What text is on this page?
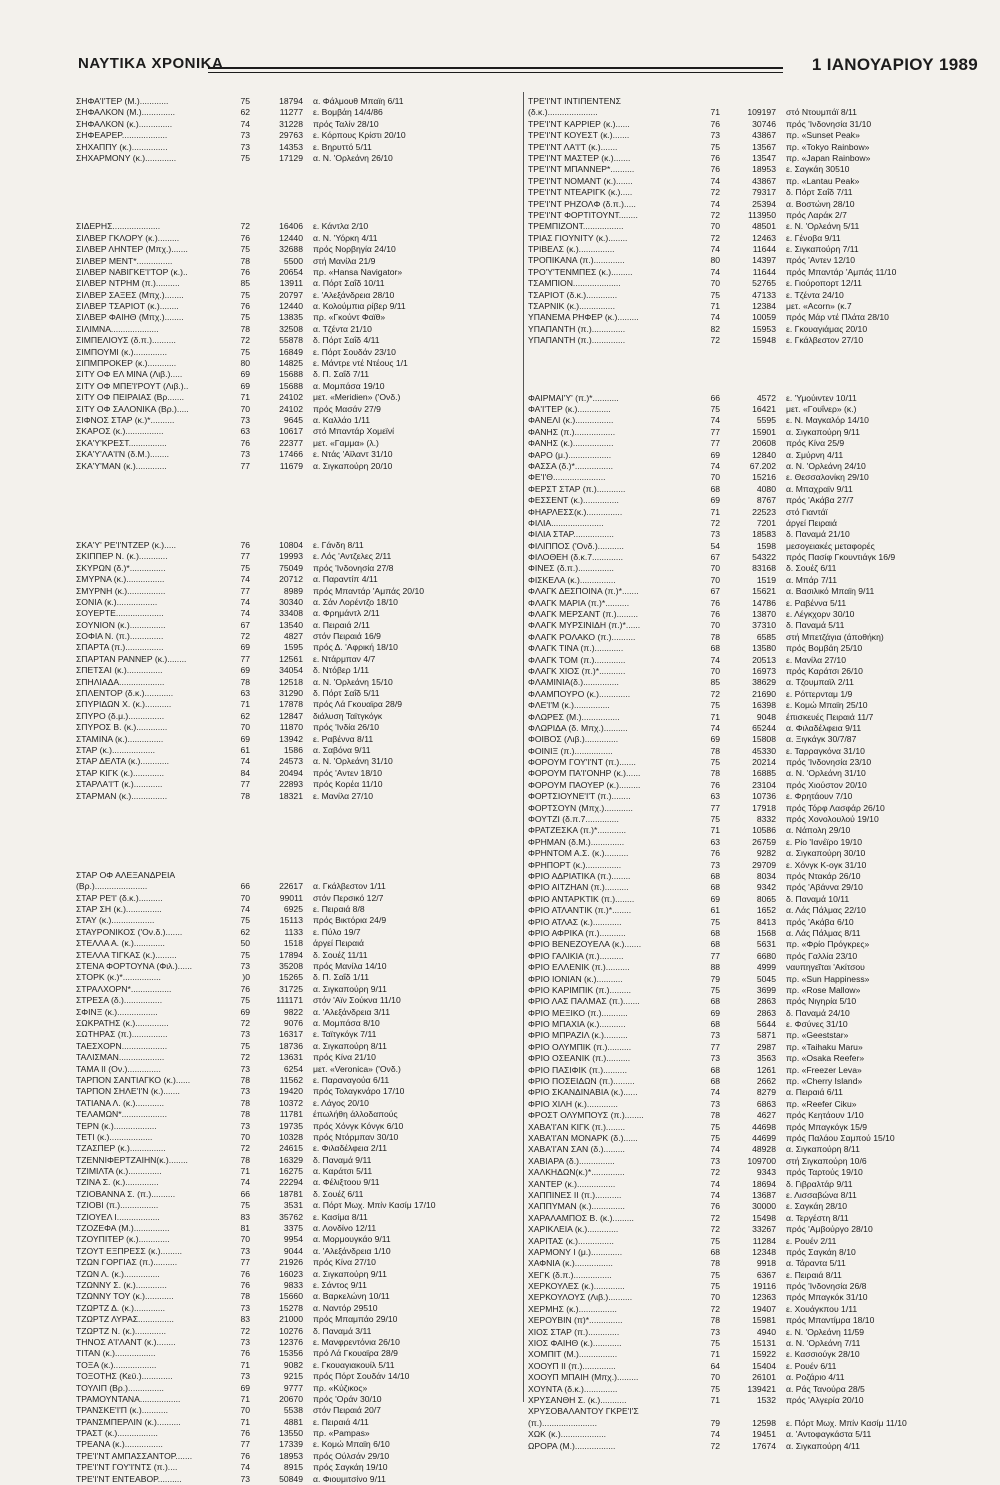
ΝΑΥΤΙΚΑ ΧΡΟΝΙΚΑ	1 ΙΑΝΟΥΑΡΙΟΥ 1989
ΣΗΦΑ'Ι'ΤΕΡ (Μ.)............	75	18794 α. Φάλμουθ Μπαϊη 6/11
ΣΗΦΑΛΚΟΝ (Μ.)..............	62	11277 ε. Βομβάη 14/4/86
ΣΗΦΑΛΚΟΝ (κ.)..............	74	31228 πρός Ταλίν 28/10
ΣΗΦΕΑΡΕΡ...................	73	29763 ε. Κόρπους Κρίστι 20/10
ΣΗΧΑΠΠΥ (κ.)...............	73	14353 ε. Βηρυττό 5/11
ΣΗΧΑΡΜΟΝΥ (κ.).............	75	17129 α. Ν. 'Ορλεάνη 26/10
ΣΙΔΕΡΗΣ....................	72	16406 ε. Κάντλα 2/10
ΣΙΛΒΕΡ ΓΚΛΟΡΥ (κ.).........	76	12440 α. Ν. 'Υόρκη 4/11
ΣΙΛΒΕΡ ΛΗΝΤΕΡ (Μπχ.).......	75	32688 πρός Νορβηγία 24/10
ΣΙΛΒΕΡ ΜΕΝΤ*...............	78	5500 στή Μανίλα 21/9
ΣΙΛΒΕΡ ΝΑΒΙΓΚΕ'Ι'ΤΟΡ (κ.)..	76	20654 πρ. «Hansa Navigator»
ΣΙΛΒΕΡ ΝΤΡΗΜ (π.)..........	85	13911 α. Πόρτ Σαΐδ 10/11
ΣΙΛΒΕΡ ΣΑΞΕΣ (Μπχ.)........	75	20797 ε. 'Αλεξάνδρεια 28/10
ΣΙΛΒΕΡ ΤΣΑΡΙΟΤ (κ.)........	76	12440 α. Κολούμπια ρίβερ 9/11
ΣΙΛΒΕΡ ΦΑΙΗΘ (Μπχ.)........	75	13835 πρ. «Γκούντ Φαϊθ»
ΣΙΛΙΜΝΑ....................	78	32508 α. Τζέντα 21/10
ΣΙΜΠΕΛΙΟΥΣ (δ.π.)..........	72	55878 δ. Πόρτ Σαΐδ 4/11
ΣΙΜΠΟΥΜΙ (κ.)..............	75	16849 ε. Πόρτ Σουδάν 23/10
ΣΙΠΜΠΡΟΚΕΡ (κ.)............	80	14825 ε. Μάντρε ντέ Ντέους 1/1
ΣΙΤΥ ΟΦ ΕΛ ΜΙΝΑ (Λιβ.).....	69	15688 δ. Π. Σαΐδ 7/11
ΣΙΤΥ ΟΦ ΜΠΕ'Ι'ΡΟΥΤ (Λιβ.)..	69	15688 α. Μομπάσα 19/10
ΣΙΤΥ ΟΦ ΠΕΙΡΑΙΑΣ (Βρ.......	71	24102 μετ. «Meridien» ('Ονδ.)
ΣΙΤΥ ΟΦ ΣΑΛΟΝΙΚΑ (Βρ.).....	70	24102 πρός Μασάν 27/9
ΣΙΦΝΟΣ ΣΤΑΡ (κ.)*..........	73	9645 α. Καλλάο 1/11
ΣΚΑΡΟΣ (κ.)................	63	10617 στό Μπαντάρ Χομεϊνί
ΣΚΑ'Υ'ΚΡΕΣΤ................	76	22377 μετ. «Γαμμα» (λ.)
ΣΚΑ'Υ'ΛΑ'Ι'Ν (δ.Μ.)........	73	17466 ε. Ντάς 'Αϊλαντ 31/10
ΣΚΑ'Υ'ΜΑΝ (κ.).............	77	11679 α. Σιγκαπούρη 20/10
ΣΚΑ'Υ' ΡΕ'Ι'ΝΤΖΕΡ (κ.).....	76	10804 ε. Γάνδη 8/11
ΣΚΙΠΠΕΡ Ν. (κ.)............	77	19993 ε. Λός 'Αντζελες 2/11
ΣΚΥΡΩΝ (δ.)*...............	75	75049 πρός 'Ινδονησία 27/8
ΣΜΥΡΝΑ (κ.)................	74	20712 α. Παραντίπ 4/11
ΣΜΥΡΝΗ (κ.)................	77	8989 πρός Μπαντάρ 'Αμπάς 20/10
ΣΟΝΙΑ (κ.).................	74	30340 α. Σάν Λορέντζο 18/10
ΣΟΥΕΡΤΕ....................	74	33408 α. Φρημάντλ 2/11
ΣΟΥΝΙΟΝ (κ.)...............	67	13540 α. Πειραιά 2/11
ΣΟΦΙΑ Ν. (π.)..............	72	4827 στόν Πειραιά 16/9
ΣΠΑΡΤΑ (π.)................	69	1595 πρός Δ. 'Αφρική 18/10
ΣΠΑΡΤΑΝ ΡΑΝΝΕΡ (κ.)........	77	12561 ε. Ντάρμπαν 4/7
ΣΠΕΤΣΑΙ (κ.)...............	69	34054 δ. Ντόβερ 1/11
ΣΠΗΛΙΑΔΑ...................	78	12518 α. Ν. 'Ορλεάνη 15/10
ΣΠΛΕΝΤΟΡ (δ.κ.)............	63	31290 δ. Πόρτ Σαΐδ 5/11
ΣΠΥΡΙΔΩΝ Χ. (κ.)...........	71	17878 πρός Λά Γκουαϊρα 28/9
ΣΠΥΡΟ (δ.μ.)...............	62	12847 διάλυση Ταϊτγκόγκ
ΣΠΥΡΟΣ Β. (κ.).............	70	11870 πρός 'Ινδία 26/10
ΣΤΑΜΙΝΑ (κ.)...............	69	13942 ε. Ραβέννα 8/11
ΣΤΑΡ (κ.)..................	61	1586 α. Σαβόνα 9/11
ΣΤΑΡ ΔΕΛΤΑ (κ.)............	74	24573 α. Ν. 'Ορλεάνη 31/10
ΣΤΑΡ ΚΙΓΚ (κ.).............	84	20494 πρός 'Αντεν 18/10
ΣΤΑΡΛΑ'Ι'Τ (κ.)............	77	22893 πρός Κορέα 11/10
ΣΤΑΡΜΑΝ (κ.)...............	78	18321 ε. Μανίλα 27/10
ΣΤΑΡ ΟΦ ΑΛΕΞΑΝΔΡΕΙΑ
(Βρ.)......................	66	22617 α. Γκάλβεστον 1/11
ΣΤΑΡ ΡΕ'Ι' (δ.κ.)..........	70	99011 στόν Περσικό 12/7
ΣΤΑΡ ΣΗ (κ.)...............	74	6925 ε. Πειραιά 8/8
ΣΤΑΥ (κ.)..................	75	15113 πρός Βικτόρια 24/9
ΣΤΑΥΡΟΝΙΚΟΣ ('Ον.δ.).......	62	1133 ε. Πύλο 19/7
ΣΤΕΛΛΑ Α. (κ.).............	50	1518 άργεί Πειραιά
ΣΤΕΛΛΑ ΤΙΓΚΑΣ (κ.).........	75	17894 δ. Σουέζ 11/11
ΣΤΕΝΑ ΦΟΡΤΟΥΝΑ (Φιλ.)......	73	35208 πρός Μανίλα 14/10
ΣΤΟΡΚ (κ.)*................	)0	15265 δ. Π. Σαΐδ 1/11
ΣΤΡΑΛΧΟΡΝ*.................	76	31725 α. Σιγκαπούρη 9/11
ΣΤΡΕΣΑ (δ.)................	75	111171 στόν 'Αϊν Σούκνα 11/10
ΣΦΙΝΞ (κ.).................	69	9822 α. 'Αλεξάνδρεια 3/11
ΣΩΚΡΑΤΗΣ (κ.)..............	72	9076 α. Μομπάσα 8/10
ΣΩΤΗΡΑΣ (π.)...............	73	16317 ε. Ταϊτγκόγκ 7/11
ΤΑΕΣΧΟΡΝ...................	75	18736 α. Σιγκαπούρη 8/11
ΤΑΛΙΣΜΑΝ...................	72	13631 πρός Κίνα 21/10
ΤΑΜΑ ΙΙ (Ον.)..............	73	6254 μετ. «Veronica» ('Ονδ.)
ΤΑΡΠΟΝ ΣΑΝΤΙΑΓΚΟ (κ.)......	78	11562 ε. Παραναγούα 6/11
ΤΑΡΠΟΝ ΣΗΛΕ'Ι'Ν (κ.).......	73	19420 πρός Τολαγκνάρο 17/10
ΤΑΤΙΑΝΑ Λ. (κ.)............	78	10372 ε. Λάγος 20/10
ΤΕΛΑΜΩΝ*...................	78	11781 έπωλήθη άλλοδαπούς
ΤΕΡΝ (κ.)..................	73	19735 πρός Χόνγκ Κόνγκ 6/10
ΤΕΤΙ (κ.)..................	70	10328 πρός Ντόρμπαν 30/10
ΤΖΑΣΠΕΡ (κ.)...............	72	24615 ε. Φιλαδέλφεια 2/11
ΤΖΕΝΝΙΦΕΡΤΖΑΙΗΝ(κ.)........	78	16329 δ. Παναμά 9/11
ΤΖΙΜΙΛΤΑ (κ.)..............	71	16275 α. Καράτσι 5/11
ΤΖΙΝΑ Σ. (κ.)..............	74	22294 α. Φέλιξτοου 9/11
ΤΖΙΟΒΑΝΝΑ Σ. (π.)..........	66	18781 δ. Σουέζ 6/11
ΤΖΙΟΒΙ (π.)................	75	3531 α. Πόρτ Μωχ. Μπίν Κασίμ 17/10
ΤΖΙΟΥΕΛ Ι..................	83	35762 ε. Κασίμα 8/11
ΤΖΟΖΕΦΑ (Μ.)...............	81	3375 α. Λονδίνο 12/11
ΤΖΟΥΠΙΤΕΡ (κ.).............	70	9954 α. Μορμουγκάο 9/11
ΤΖΟΥΤ ΕΞΠΡΕΣΣ (κ.).........	73	9044 α. 'Αλεξάνδρεια 1/10
ΤΖΩΝ ΓΟΡΓΙΑΣ (π.)..........	77	21926 πρός Κίνα 27/10
ΤΖΩΝ Λ. (κ.)...............	76	16023 α. Σιγκαπούρη 9/11
ΤΖΩΝΝΥ Σ. (κ.).............	76	9833 ε. Σάντος 9/11
ΤΖΩΝΝΥ ΤΟΥ (κ.)............	78	15660 α. Βαρκελώνη 10/11
ΤΖΩΡΤΖ Δ. (κ.).............	73	15278 α. Ναντόρ 29510
ΤΖΩΡΤΖ ΛΥΡΑΣ...............	83	21000 πρός Μπαμπάο 29/10
ΤΖΩΡΤΖ Ν. (κ.).............	72	10276 δ. Παναμά 3/11
ΤΗΝΟΣ Α'Ι'ΛΑΝΤ (κ.)........	73	12376 ε. Μανφρεντόνια 26/10
ΤΙΤΑΝ (κ.).................	76	15356 πρό Λά Γκουαϊρα 28/9
ΤΟΞΑ (κ.)..................	71	9082 ε. Γκουαγιακουίλ 5/11
ΤΟΞΟΤΗΣ (Κεϋ.).............	73	9215 πρός Πόρτ Σουδάν 14/10
ΤΟΥΛΙΠ (Βρ.)...............	69	9777 πρ. «Κύζικος»
ΤΡΑΜΟΥΝΤΑΝΑ.................	71	20670 πρός 'Οράν 30/10
ΤΡΑΝΣΚΕ'Ι'Π (κ.)...........	70	5538 στόν Πειραιά 20/7
ΤΡΑΝΣΜΠΕΡΛΙΝ (κ.)..........	71	4881 ε. Πειραιά 4/11
ΤΡΑΣΤ (κ.).................	76	13550 πρ. «Pampas»
ΤΡΕΑΝΑ (κ.)................	77	17339 ε. Κομώ Μπαϊη 6/10
ΤΡΕ'Ι'ΝΤ ΑΜΠΑΣΣΑΝΤΟΡ.......	76	18953 πρός Ούλσάν 29/10
ΤΡΕ'Ι'ΝΤ ΓΟΥ'Ι'ΝΤΣ (π.)....	74	8915 πρός Σαγκάη 19/10
ΤΡΕ'Ι'ΝΤ ΕΝΤΕΑΒΟΡ..........	73	50849 α. Φιουμιτσίνο 9/11
ΤΡΕ'Ι'ΝΤ ΙΝΤΙΠΕΝΤΕΝΣ
(δ.κ.).....................	71	109197 στό Ντουμπάϊ 8/11
ΤΡΕ'Ι'ΝΤ ΚΑΡΡΙΕΡ (κ.)......	76	30746 πρός 'Ινδονησία 31/10
ΤΡΕ'Ι'ΝΤ ΚΟΥΕΣΤ (κ.).......	73	43867 πρ. «Sunset Peak»
ΤΡΕ'Ι'ΝΤ ΛΑ'Ι'Τ (κ.).......	75	13567 πρ. «Tokyo Rainbow»
ΤΡΕ'Ι'ΝΤ ΜΑΣΤΕΡ (κ.).......	76	13547 πρ. «Japan Rainbow»
ΤΡΕ'Ι'ΝΤ ΜΠΑΝΝΕΡ*..........	76	18953 ε. Σαγκάη 30510
ΤΡΕ'Ι'ΝΤ ΝΟΜΑΝΤ (κ.).......	74	43867 πρ. «Lantau Peak»
ΤΡΕ'Ι'ΝΤ ΝΤΕΑΡΙΓΚ (κ.).....	72	79317 δ. Πόρτ Σαΐδ 7/11
ΤΡΕ'Ι'ΝΤ ΡΗΖΟΛΦ (δ.π.).....	74	25394 α. Βοστώνη 28/10
ΤΡΕ'Ι'ΝΤ ΦΟΡΤΙΤΟΥΝΤ........	72	113950 πρός Λαράκ 2/7
ΤΡΕΜΠΙΖΟΝΤ.................	70	48501 ε. Ν. 'Ορλεάνη 5/11
ΤΡΙΑΣ ΓΙΟΥΝΙΤΥ (κ.)........	72	12463 ε. Γένοβα 9/11
ΤΡΙΒΕΛΣ (κ.)...............	74	11644 ε. Σιγκαπούρη 7/11
ΤΡΟΠΙΚΑΝΑ (π.).............	80	14397 πρός 'Αντεν 12/10
ΤΡΟ'Υ'ΤΕΝΜΠΕΣ (κ.).........	74	11644 πρός Μπαντάρ 'Αμπάς 11/10
ΤΣΑΜΠΙΟΝ....................	70	52765 ε. Γιούροπορτ 12/11
ΤΣΑΡΙΟΤ (δ.κ.).............	75	47133 ε. Τζέντα 24/10
ΤΣΑΡΝΙΚ (κ.)...............	71	12384 μετ. «Acorn» (κ.7
ΥΠΑΝΕΜΑ ΡΗΦΕΡ (κ.).........	74	10059 πρός Μάρ ντέ Πλάτα 28/10
ΥΠΑΠΑΝΤΗ (π.)..............	82	15953 ε. Γκουαγιάμας 20/10
ΥΠΑΠΑΝΤΗ (π.)..............	72	15948 ε. Γκάλβεστον 27/10
ΦΑΙΡΜΑΙ'Υ' (π.)*...........	66	4572 ε. 'Υμούιντεν 10/11
ΦΑ'Ι'ΤΕΡ (κ.)..............	75	16421 μετ. «Γουΐνερ» (κ.)
ΦΑΝΕΛΙ (κ.)................	74	5595 ε. Ν. Μαγκαλόρ 14/10
ΦΑΝΗΣ (π.).................	77	15901 α. Σιγκαπούρη 9/11
ΦΑΝΗΣ (κ.).................	77	20608 πρός Κίνα 25/9
ΦΑΡΟ (μ.)..................	69	12840 α. Σμύρνη 4/11
ΦΑΣΣΑ (δ.)*................	74	67.202 α. Ν. 'Ορλεάνη 24/10
ΦΕ'Ι'Θ......................	70	15216 ε. Θεσσαλονίκη 29/10
ΦΕΡΣΤ ΣΤΑΡ (π.)............	68	4080 α. Μπαχραϊν 9/11
ΦΕΣΣΕΝΤ (κ.)...............	69	8767 πρός 'Ακάβα 27/7
ΦΗΑΡΛΕΣΣ(κ.)...............	71	22523 στό Γιαντάϊ
ΦΙΛΙΑ......................	72	7201 άργεί Πειραιά
ΦΙΛΙΑ ΣΤΑΡ.................	73	18583 δ. Παναμά 21/10
ΦΙΛΙΠΠΟΣ ('Ονδ.)...........	54	1598 μεσογειακές μεταφορές
ΦΙΛΟΘΕΗ (δ.κ.7.............	67	54322 πρός Πασίφ Γκουντιάγκ 16/9
ΦΙΝΕΣ (δ.π.)...............	70	83168 δ. Σουέζ 6/11
ΦΙΣΚΕΛΑ (κ.)...............	70	1519 α. Μπάρ 7/11
ΦΛΑΓΚ ΔΕΣΠΟΙΝΑ (π.)*.......	67	15621 α. Βασιλικό Μπαϊη 9/11
ΦΛΑΓΚ ΜΑΡΙΑ (π.)*..........	76	14786 ε. Ραβέννα 5/11
ΦΛΑΓΚ ΜΕΡΣΑΝΤ (π.).........	76	13870 ε. Λέγκχορν 30/10
ΦΛΑΓΚ ΜΥΡΣΙΝΙΔΗ (π.)*......	70	37310 δ. Παναμά 5/11
ΦΛΑΓΚ ΡΟΛΑΚΟ (π.)..........	78	6585 στή Μπετζάγια (άποθήκη)
ΦΛΑΓΚ ΤΙΝΑ (π.)............	68	13580 πρός Βομβάη 25/10
ΦΛΑΓΚ ΤΟΜ (π.).............	74	20513 ε. Μανίλα 27/10
ΦΛΑΓΚ ΧΙΟΣ (π.)*...........	70	16973 πρός Καράτσι 26/10
ΦΛΑΜΙΝΙΑ(δ.)...............	85	38629 α. Τζουμπαϊλ 2/11
ΦΛΑΜΠΟΥΡΟ (κ.).............	72	21690 ε. Ρόττερνταμ 1/9
ΦΛΕ'Ι'Μ (κ.)...............	75	16398 ε. Κομώ Μπαϊη 25/10
ΦΛΩΡΕΣ (Μ.)................	71	9048 έπισκευές Πειραιά 11/7
ΦΛΩΡΙΔΑ (δ. Μπχ.)..........	74	65244 α. Φιλαδέλφεια 9/11
ΦΟΙΒΟΣ (Λιβ.)..............	69	15808 α. Ξιγκάγκ 30/7/87
ΦΟΙΝΙΞ (π.)................	78	45330 ε. Ταρραγκόνα 31/10
ΦΟΡΟΥΜ ΓΟΥ'Ι'ΝΤ (π.).......	75	20214 πρός 'Ινδονησία 23/10
ΦΟΡΟΥΜ ΠΑ'Ι'ΟΝΗΡ (κ.)......	78	16885 α. Ν. 'Ορλεάνη 31/10
ΦΟΡΟΥΜ ΠΑΟΥΕΡ (κ.).........	76	23104 πρός Χιούστον 20/10
ΦΟΡΤΣΙΟΥΝΕ'Ι'Τ (π.)........	63	10736 ε. Φρητάουν 7/10
ΦΟΡΤΣΟΥΝ (Μπχ.)............	77	17918 πρός Τόρφ Λασφάρ 26/10
ΦΟΥΤΖΙ (δ.π.7..............	75	8332 πρός Χονολουλού 19/10
ΦΡΑΤΖΕΣΚΑ (π.)*............	71	10586 α. Νάπολη 29/10
ΦΡΗΜΑΝ (δ.Μ.)..............	63	26759 ε. Ρίο 'Ιανέϊρο 19/10
ΦΡΗΝΤΟΜ Α.Σ. (κ.)..........	76	9282 α. Σιγκαπούρη 30/10
ΦΡΗΠΟΡΤ (κ.)...............	73	29709 ε. Χόνγκ Κ-ογκ 31/10
ΦΡΙΟ ΑΔΡΙΑΤΙΚΑ (π.)........	68	8034 πρός Ντακάρ 26/10
ΦΡΙΟ ΑΙΤΖΗΑΝ (π.)..........	68	9342 πρός 'Αβάννα 29/10
ΦΡΙΟ ΑΝΤΑΡΚΤΙΚ (π.)........	69	8065 δ. Παναμά 10/11
ΦΡΙΟ ΑΤΛΑΝΤΙΚ (π.)*........	61	1652 α. Λάς Πάλμας 22/10
ΦΡΙΟ ΑΤΛΑΣ (κ.)............	75	8413 πρός 'Ακάβα 6/10
ΦΡΙΟ ΑΦΡΙΚΑ (π.)...........	68	1568 α. Λάς Πάλμας 8/11
ΦΡΙΟ ΒΕΝΕΖΟΥΕΛΑ (κ.).......	68	5631 πρ. «Φρίο Πρόγκρες»
ΦΡΙΟ ΓΑΛΙΚΙΑ (π.)..........	77	6680 πρός Γαλλία 23/10
ΦΡΙΟ ΕΛΛΕΝΙΚ (π.)..........	88	4999 ναυπηγεῖται 'Ακίτσου
ΦΡΙΟ ΙΟΝΙΑΝ (κ.)...........	79	5045 πρ. «Sun Happiness»
ΦΡΙΟ ΚΑΡΙΜΠΙΚ (π.).........	75	3699 πρ. «Rose Mallow»
ΦΡΙΟ ΛΑΣ ΠΑΛΜΑΣ (π.).......	68	2863 πρός Νιγηρία 5/10
ΦΡΙΟ ΜΕΞΙΚΟ (π.)...........	69	2863 δ. Παναμά 24/10
ΦΡΙΟ ΜΠΑΧΙΑ (κ.)...........	68	5644 ε. Φσύνες 31/10
ΦΡΙΟ ΜΠΡΑΖΙΛ (κ.)..........	73	5871 πρ. «Geeststar»
ΦΡΙΟ ΟΛΥΜΠΙΚ (π.)..........	77	2987 πρ. «Taihaku Maru»
ΦΡΙΟ ΟΣΕΑΝΙΚ (π.)..........	73	3563 πρ. «Osaka Reefer»
ΦΡΙΟ ΠΑΣΙΦΙΚ (π.)..........	68	1261 πρ. «Freezer Leva»
ΦΡΙΟ ΠΟΣΕΙΔΩΝ (π.).........	68	2662 πρ. «Cherry Island»
ΦΡΙΟ ΣΚΑΝΔΙΝΑΒΙΑ (κ.)......	74	8279 α. Πειραιά 6/11
ΦΡΙΟ ΧΙΛΗ (κ.).............	73	6863 πρ. «Reefer Ciku»
ΦΡΟΣΤ ΟΛΥΜΠΟΥΣ (π.)........	78	4627 πρός Κεητάουν 1/10
ΧΑΒΑ'Ι'ΑΝ ΚΙΓΚ (π.)........	75	44698 πρός Μπαγκόγκ 15/9
ΧΑΒΑ'Ι'ΑΝ ΜΟΝΑΡΚ (δ.)......	75	44699 πρός Παλάου Σαμπού 15/10
ΧΑΒΑ'Ι'ΑΝ ΣΑΝ (δ.).........	74	48928 α. Σιγκαπούρη 8/11
ΧΑΒΙΑΡΑ (δ.)...............	73	109700 στή Σιγκαπούρη 10/6
ΧΑΛΚΗΔΩΝ(κ.)*..............	72	9343 πρός Ταρτούς 19/10
ΧΑΝΤΕΡ (κ.)................	74	18694 δ. Γιβραλτάρ 9/11
ΧΑΠΠΙΝΕΣ ΙΙ (π.)...........	74	13687 ε. Λισσαβώνα 8/11
ΧΑΠΠΥΜΑΝ (κ.)..............	76	30000 ε. Σαγκάη 28/10
ΧΑΡΑΛΑΜΠΟΣ Β. (κ.).........	72	15498 α. Τεργέστη 8/11
ΧΑΡΙΚΛΕΙΑ (κ.).............	72	33267 πρός 'Αμβούργο 28/10
ΧΑΡΙΤΑΣ (κ.)...............	75	11284 ε. Ρουέν 2/11
ΧΑΡΜΟΝΥ Ι (μ.).............	68	12348 πρός Σαγκάη 8/10
ΧΑΦΝΙΑ (κ.)................	78	9918 α. Τάραντα 5/11
ΧΕΓΚ (δ.π.)................	75	6367 ε. Πειραιά 8/11
ΧΕΡΚΟΥΛΕΣ (κ.).............	75	19116 πρός 'Ινδονησία 26/8
ΧΕΡΚΟΥΛΟΥΣ (Λιβ.)..........	70	12363 πρός Μπαγκόκ 31/10
ΧΕΡΜΗΣ (κ.)................	72	19407 ε. Χουάγκπου 1/11
ΧΕΡΟΥΒΙΝ (π)*..............	78	15981 πρός Μπαντίμρα 18/10
ΧΙΟΣ ΣΤΑΡ (π.).............	73	4940 ε. Ν. 'Ορλεάνη 11/59
ΧΙΟΣ ΦΑΙΗΘ (κ.)............	75	15131 α. Ν. 'Ορλεάνη 7/11
ΧΟΜΠΙΤ (Μ.)................	71	15922 ε. Κασσιούγκ 28/10
ΧΟΟΥΠ ΙΙ (π.)..............	64	15404 ε. Ρουέν 6/11
ΧΟΟΥΠ ΜΠΑΙΗ (Μπχ.).........	70	26101 α. Ροζάριο 4/11
ΧΟΥΝΤΑ (δ.κ.)..............	75	139421 α. Ράς Τανούρα 28/5
ΧΡΥΣΑΝΘΗ Σ. (κ.)...........	71	1532 πρός 'Αλγερία 20/10
ΧΡΥΣΟΒΑΛΑΝΤΟΥ ΓΚΡΕ'Ι'Σ
(π.).......................	79	12598 ε. Πόρτ Μωχ. Μπίν Κασίμ 11/10
ΧΩΚ (κ.)...................	74	19451 α. 'Αντοφαγκάστα 5/11
ΩΡΟΡΑ (Μ.).................	72	17674 α. Σιγκαπούρη 4/11
